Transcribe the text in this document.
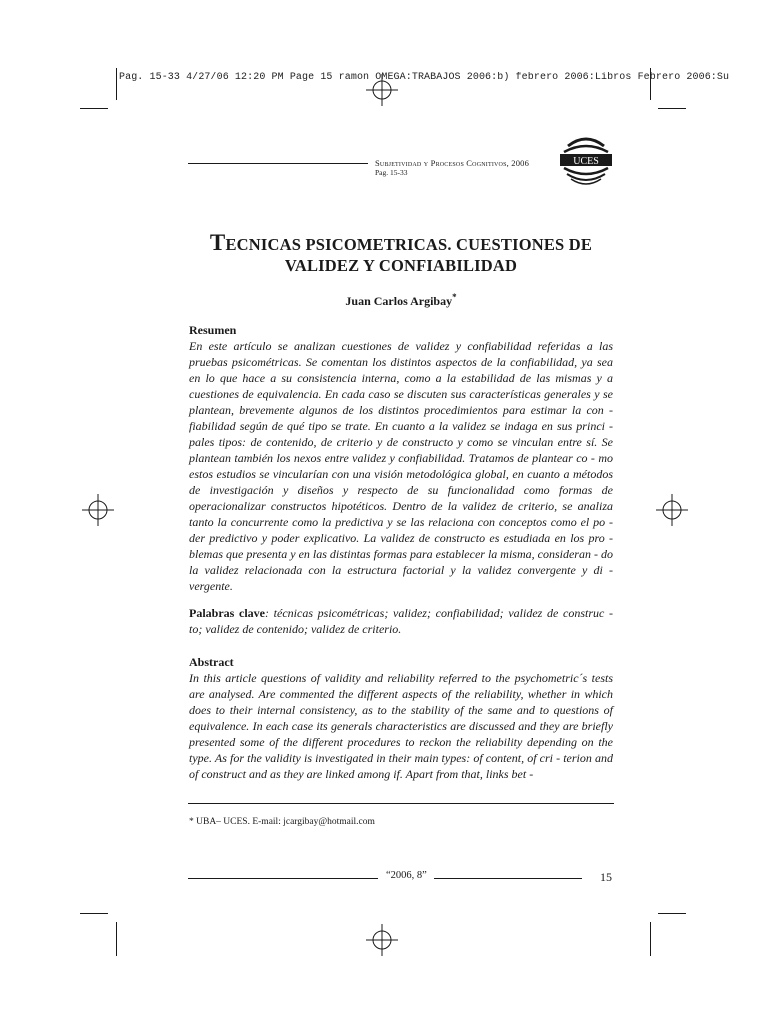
Pag. 15-33 4/27/06 12:20 PM Page 15 ramon OMEGA:TRABAJOS 2006:b) febrero 2006:Libros Febrero 2006:Su
Subjetividad y Procesos Cognitivos, 2006
Pag. 15-33
UCES
TECNICAS PSICOMETRICAS. CUESTIONES DE
VALIDEZ Y CONFIABILIDAD
Juan Carlos Argibay*
Resumen
En este artículo se analizan cuestiones de validez y confiabilidad referidas a las pruebas psicométricas. Se comentan los distintos aspectos de la confiabilidad, ya sea en lo que hace a su consistencia interna, como a la estabilidad de las mismas y a cuestiones de equivalencia. En cada caso se discuten sus características generales y se plantean, brevemente algunos de los distintos procedimientos para estimar la con - fiabilidad según de qué tipo se trate. En cuanto a la validez se indaga en sus princi - pales tipos: de contenido, de criterio y de constructo y como se vinculan entre sí. Se plantean también los nexos entre validez y confiabilidad. Tratamos de plantear co - mo estos estudios se vincularían con una visión metodológica global, en cuanto a métodos de investigación y diseños y respecto de su funcionalidad como formas de operacionalizar constructos hipotéticos. Dentro de la validez de criterio, se analiza tanto la concurrente como la predictiva y se las relaciona con conceptos como el po - der predictivo y poder explicativo. La validez de constructo es estudiada en los pro - blemas que presenta y en las distintas formas para establecer la misma, consideran - do la validez relacionada con la estructura factorial y la validez convergente y di - vergente.
Palabras clave: técnicas psicométricas; validez; confiabilidad; validez de construc - to; validez de contenido; validez de criterio.
Abstract
In this article questions of validity and reliability referred to the psychometric´s tests are analysed. Are commented the different aspects of the reliability, whether in which does to their internal consistency, as to the stability of the same and to questions of equivalence. In each case its generals characteristics are discussed and they are briefly presented some of the different procedures to reckon the reliability depending on the type. As for the validity is investigated in their main types: of content, of cri - terion and of construct and as they are linked among if. Apart from that, links bet -
* UBA– UCES. E-mail: jcargibay@hotmail.com
“2006, 8”	15
